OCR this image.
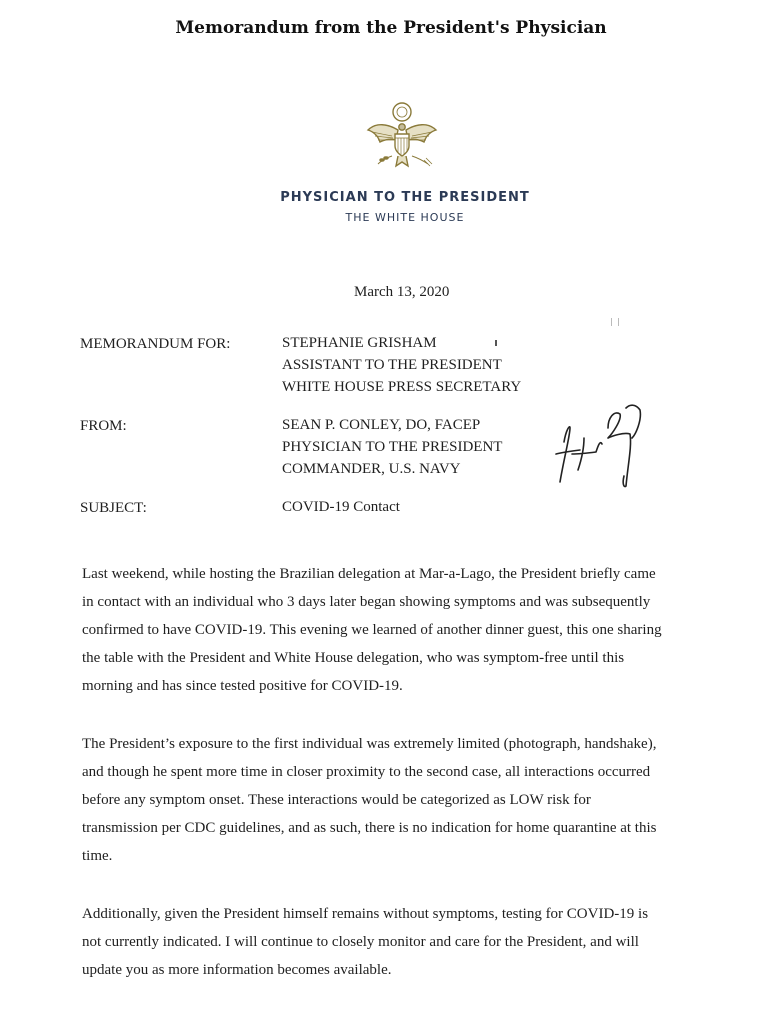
Memorandum from the President's Physician
PHYSICIAN TO THE PRESIDENT
THE WHITE HOUSE
March 13, 2020
MEMORANDUM FOR:	STEPHANIE GRISHAM
ASSISTANT TO THE PRESIDENT
WHITE HOUSE PRESS SECRETARY
FROM:	SEAN P. CONLEY, DO, FACEP
PHYSICIAN TO THE PRESIDENT
COMMANDER, U.S. NAVY
SUBJECT:	COVID-19 Contact
Last weekend, while hosting the Brazilian delegation at Mar-a-Lago, the President briefly came
in contact with an individual who 3 days later began showing symptoms and was subsequently
confirmed to have COVID-19. This evening we learned of another dinner guest, this one sharing
the table with the President and White House delegation, who was symptom-free until this
morning and has since tested positive for COVID-19.
The President’s exposure to the first individual was extremely limited (photograph, handshake),
and though he spent more time in closer proximity to the second case, all interactions occurred
before any symptom onset. These interactions would be categorized as LOW risk for
transmission per CDC guidelines, and as such, there is no indication for home quarantine at this
time.
Additionally, given the President himself remains without symptoms, testing for COVID-19 is
not currently indicated. I will continue to closely monitor and care for the President, and will
update you as more information becomes available.
